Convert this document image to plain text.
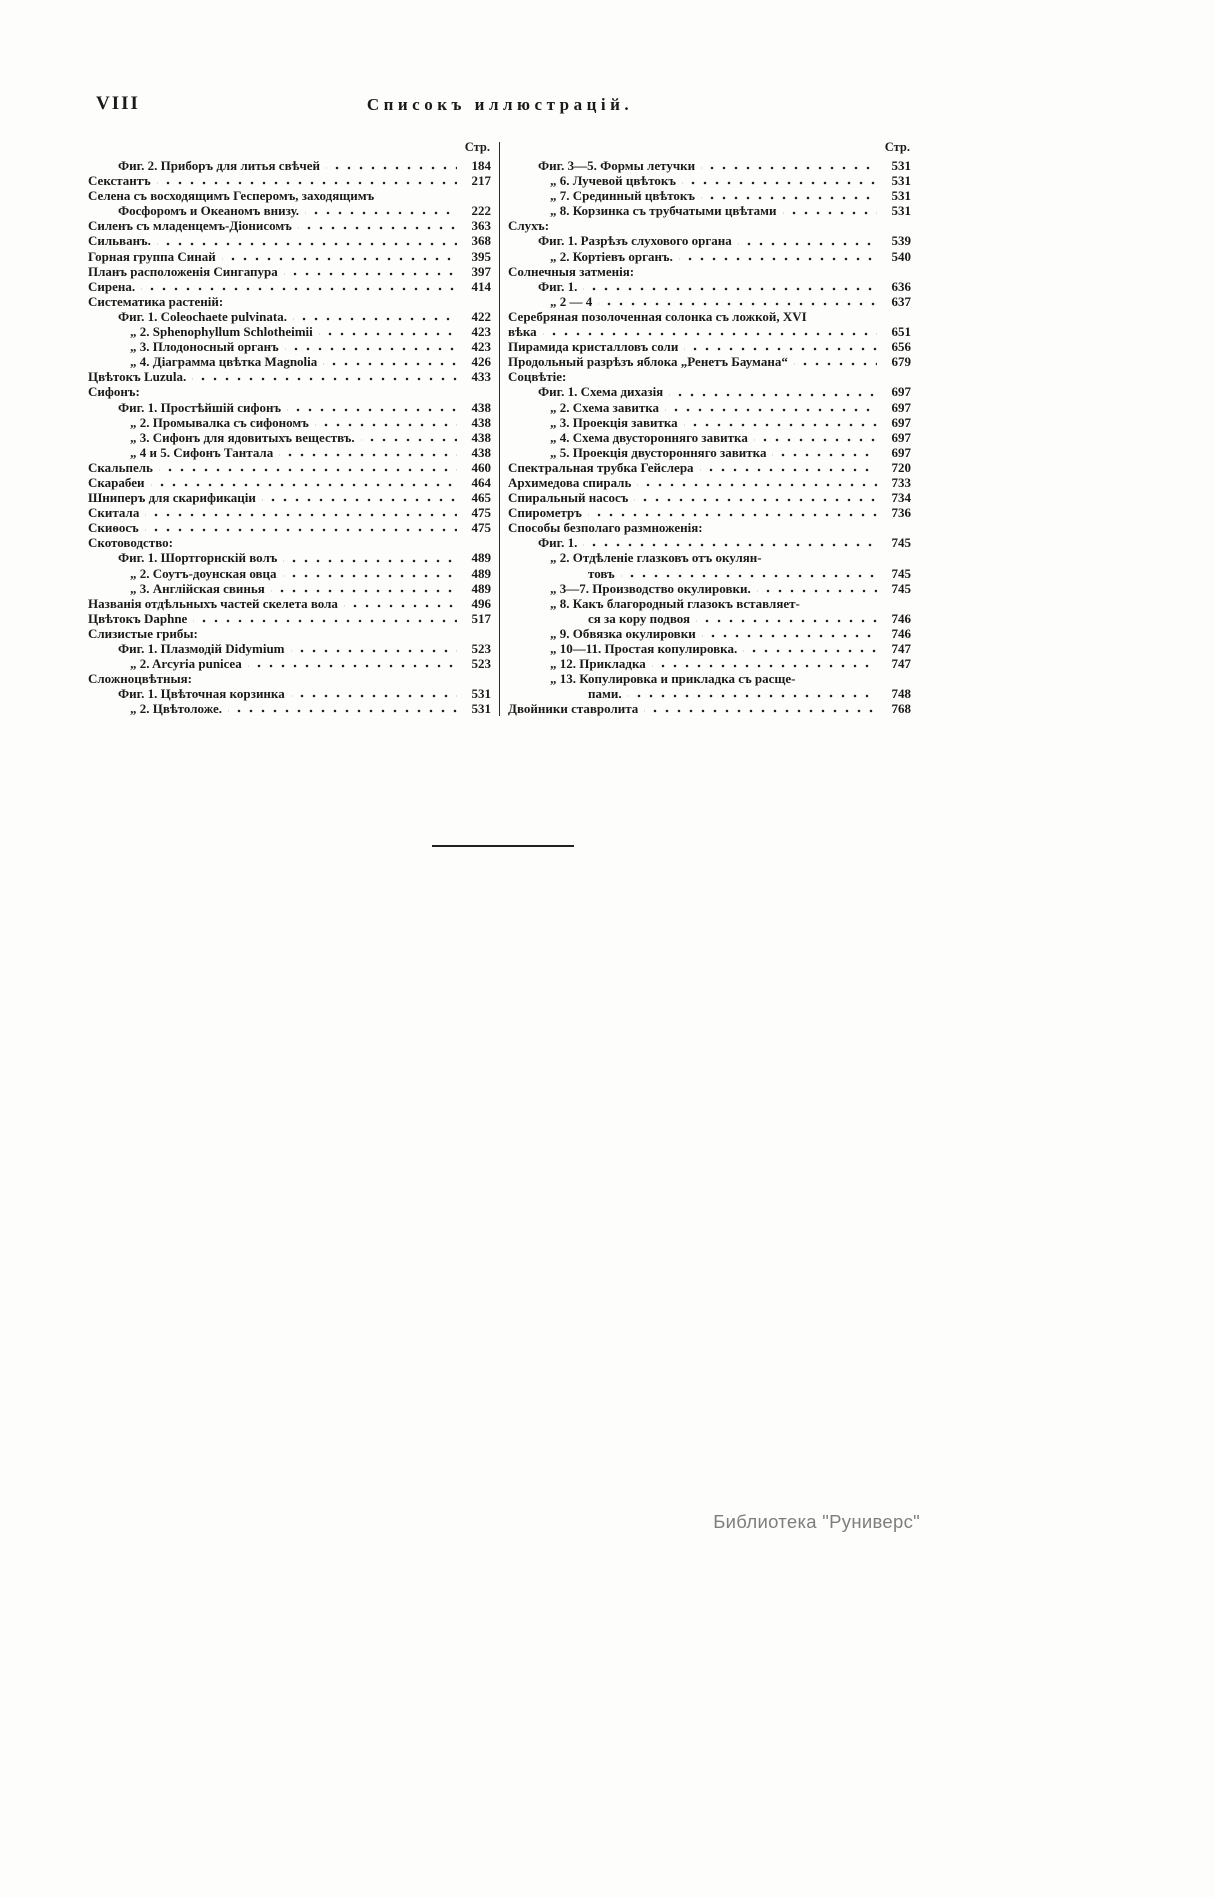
VIII	Списокъ иллюстрацій.
Стр.
Фиг. 2. Приборъ для литья свѣчей	184
Секстантъ	217
Селена съ восходящимъ Гесперомъ, заходящимъ
Фосфоромъ и Океаномъ внизу.	222
Силенъ съ младенцемъ-Діонисомъ	363
Сильванъ.	368
Горная группа Синай	395
Планъ расположенія Сингапура	397
Сирена.	414
Систематика растеній:
Фиг. 1. Coleochaete pulvinata.	422
„ 2. Sphenophyllum Schlotheimii	423
„ 3. Плодоносный органъ	423
„ 4. Діаграмма цвѣтка Magnolia	426
Цвѣтокъ Luzula.	433
Сифонъ:
Фиг. 1. Простѣйшій сифонъ	438
„ 2. Промывалка съ сифономъ	438
„ 3. Сифонъ для ядовитыхъ веществъ.	438
„ 4 и 5. Сифонъ Тантала	438
Скальпель	460
Скарабеи	464
Шниперъ для скарификаціи	465
Скитала	475
Скиѳосъ	475
Скотоводство:
Фиг. 1. Шортгорнскій волъ	489
„ 2. Соутъ-доунская овца	489
„ 3. Англійская свинья	489
Названія отдѣльныхъ частей скелета вола	496
Цвѣтокъ Daphne	517
Слизистые грибы:
Фиг. 1. Плазмодій Didymium	523
„ 2. Arcyria punicea	523
Сложноцвѣтныя:
Фиг. 1. Цвѣточная корзинка	531
„ 2. Цвѣтоложе.	531
Стр.
Фиг. 3—5. Формы летучки	531
„ 6. Лучевой цвѣтокъ	531
„ 7. Срединный цвѣтокъ	531
„ 8. Корзинка съ трубчатыми цвѣтами	531
Слухъ:
Фиг. 1. Разрѣзъ слухового органа	539
„ 2. Кортіевъ органъ.	540
Солнечныя затменія:
Фиг. 1.	636
„ 2 — 4	637
Серебряная позолоченная солонка съ ложкой, XVI
вѣка	651
Пирамида кристалловъ соли	656
Продольный разрѣзъ яблока „Ренетъ Баумана“	679
Соцвѣтіе:
Фиг. 1. Схема дихазія	697
„ 2. Схема завитка	697
„ 3. Проекція завитка	697
„ 4. Схема двусторонняго завитка	697
„ 5. Проекція двусторонняго завитка	697
Спектральная трубка Гейслера	720
Архимедова спираль	733
Спиральный насосъ	734
Спирометръ	736
Способы безполаго размноженія:
Фиг. 1.	745
„ 2. Отдѣленіе глазковъ отъ окулян-
товъ	745
„ 3—7. Производство окулировки.	745
„ 8. Какъ благородный глазокъ вставляет-
ся за кору подвоя	746
„ 9. Обвязка окулировки	746
„ 10—11. Простая копулировка.	747
„ 12. Прикладка	747
„ 13. Копулировка и прикладка съ расще-
пами.	748
Двойники ставролита	768
Библиотека "Руниверс"
